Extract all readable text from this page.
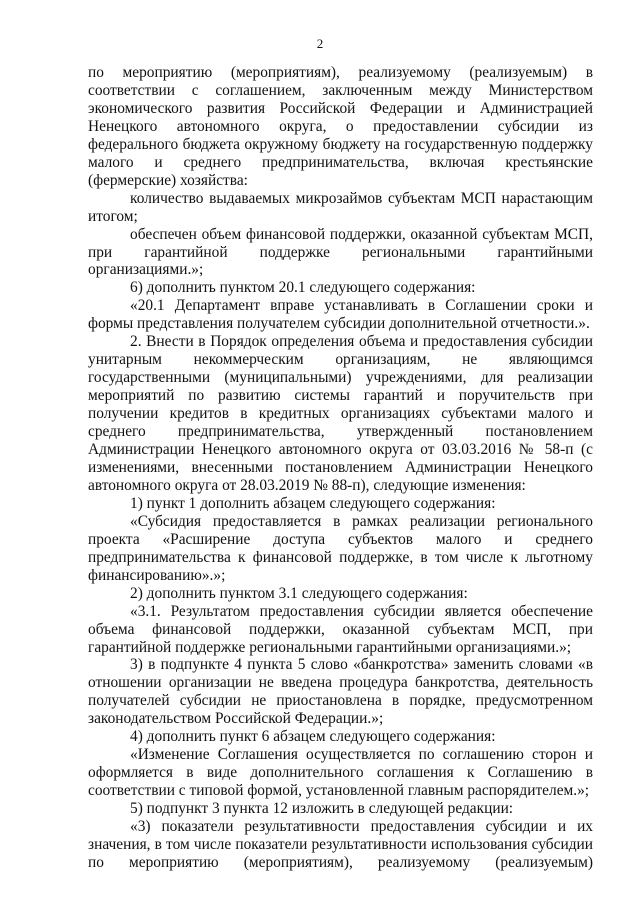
2

по мероприятию (мероприятиям), реализуемому (реализуемым) в соответствии с соглашением, заключенным между Министерством экономического развития Российской Федерации и Администрацией Ненецкого автономного округа, о предоставлении субсидии из федерального бюджета окружному бюджету на государственную поддержку малого и среднего предпринимательства, включая крестьянские (фермерские) хозяйства:

количество выдаваемых микрозаймов субъектам МСП нарастающим итогом;

обеспечен объем финансовой поддержки, оказанной субъектам МСП, при гарантийной поддержке региональными гарантийными организациями.»;

6) дополнить пунктом 20.1 следующего содержания:

«20.1 Департамент вправе устанавливать в Соглашении сроки и формы представления получателем субсидии дополнительной отчетности.».

2. Внести в Порядок определения объема и предоставления субсидии унитарным некоммерческим организациям, не являющимся государственными (муниципальными) учреждениями, для реализации мероприятий по развитию системы гарантий и поручительств при получении кредитов в кредитных организациях субъектами малого и среднего предпринимательства, утвержденный постановлением Администрации Ненецкого автономного округа от 03.03.2016 № 58-п (с изменениями, внесенными постановлением Администрации Ненецкого автономного округа от 28.03.2019 № 88-п), следующие изменения:

1) пункт 1 дополнить абзацем следующего содержания:

«Субсидия предоставляется в рамках реализации регионального проекта «Расширение доступа субъектов малого и среднего предпринимательства к финансовой поддержке, в том числе к льготному финансированию».»;

2) дополнить пунктом 3.1 следующего содержания:

«3.1. Результатом предоставления субсидии является обеспечение объема финансовой поддержки, оказанной субъектам МСП, при гарантийной поддержке региональными гарантийными организациями.»;

3) в подпункте 4 пункта 5 слово «банкротства» заменить словами «в отношении организации не введена процедура банкротства, деятельность получателей субсидии не приостановлена в порядке, предусмотренном законодательством Российской Федерации.»;

4) дополнить пункт 6 абзацем следующего содержания:

«Изменение Соглашения осуществляется по соглашению сторон и оформляется в виде дополнительного соглашения к Соглашению в соответствии с типовой формой, установленной главным распорядителем.»;

5) подпункт 3 пункта 12 изложить в следующей редакции:

«3) показатели результативности предоставления субсидии и их значения, в том числе показатели результативности использования субсидии по мероприятию (мероприятиям), реализуемому (реализуемым)
